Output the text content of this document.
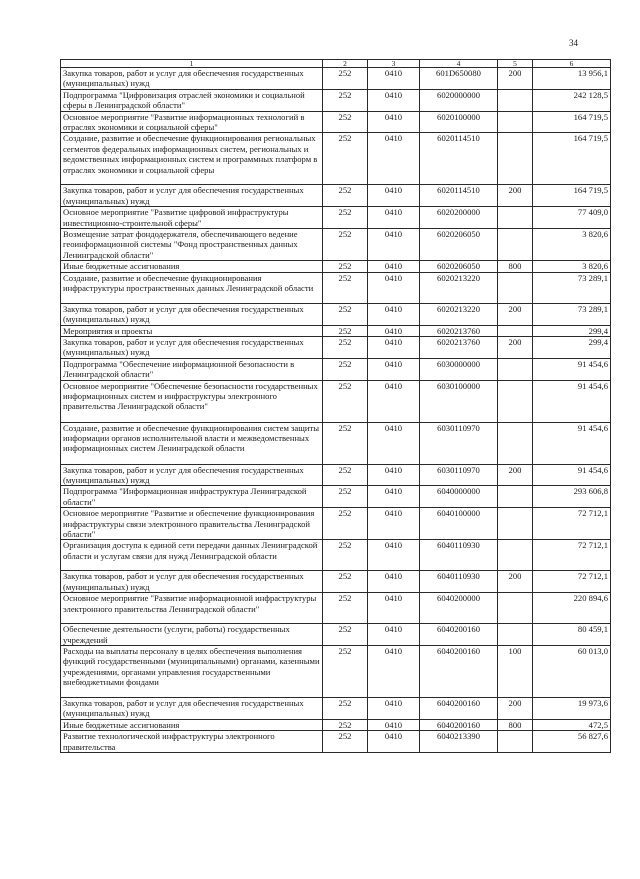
34
1	2	3	4	5	6
Закупка товаров, работ и услуг для обеспечения государственных (муниципальных) нужд	252	0410	601D650080	200	13 956,1
Подпрограмма "Цифровизация отраслей экономики и социальной сферы в Ленинградской области"	252	0410	6020000000		242 128,5
Основное мероприятие "Развитие информационных технологий в отраслях экономики и социальной сферы"	252	0410	6020100000		164 719,5
Создание, развитие и обеспечение функционирования региональных сегментов федеральных информационных систем, региональных и ведомственных информационных систем и программных платформ в отраслях экономики и социальной сферы	252	0410	6020114510		164 719,5
Закупка товаров, работ и услуг для обеспечения государственных (муниципальных) нужд	252	0410	6020114510	200	164 719,5
Основное мероприятие "Развитие цифровой инфраструктуры инвестиционно-строительной сферы"	252	0410	6020200000		77 409,0
Возмещение затрат фондодержателя, обеспечивающего ведение геоинформационной системы "Фонд пространственных данных Ленинградской области"	252	0410	6020206050		3 820,6
Иные бюджетные ассигнования	252	0410	6020206050	800	3 820,6
Создание, развитие и обеспечение функционирования инфраструктуры пространственных данных Ленинградской области	252	0410	6020213220		73 289,1
Закупка товаров, работ и услуг для обеспечения государственных (муниципальных) нужд	252	0410	6020213220	200	73 289,1
Мероприятия и проекты	252	0410	6020213760		299,4
Закупка товаров, работ и услуг для обеспечения государственных (муниципальных) нужд	252	0410	6020213760	200	299,4
Подпрограмма "Обеспечение информационной безопасности в Ленинградской области"	252	0410	6030000000		91 454,6
Основное мероприятие "Обеспечение безопасности государственных информационных систем и инфраструктуры электронного правительства Ленинградской области"	252	0410	6030100000		91 454,6
Создание, развитие и обеспечение функционирования систем защиты информации органов исполнительной власти и межведомственных информационных систем Ленинградской области	252	0410	6030110970		91 454,6
Закупка товаров, работ и услуг для обеспечения государственных (муниципальных) нужд	252	0410	6030110970	200	91 454,6
Подпрограмма "Информационная инфраструктура Ленинградской области"	252	0410	6040000000		293 606,8
Основное мероприятие "Развитие и обеспечение функционирования инфраструктуры связи электронного правительства Ленинградской области"	252	0410	6040100000		72 712,1
Организация доступа к единой сети передачи данных Ленинградской области и услугам связи для нужд Ленинградской области	252	0410	6040110930		72 712,1
Закупка товаров, работ и услуг для обеспечения государственных (муниципальных) нужд	252	0410	6040110930	200	72 712,1
Основное мероприятие "Развитие информационной инфраструктуры электронного правительства Ленинградской области"	252	0410	6040200000		220 894,6
Обеспечение деятельности (услуги, работы) государственных учреждений	252	0410	6040200160		80 459,1
Расходы на выплаты персоналу в целях обеспечения выполнения функций государственными (муниципальными) органами, казенными учреждениями, органами управления государственными внебюджетными фондами	252	0410	6040200160	100	60 013,0
Закупка товаров, работ и услуг для обеспечения государственных (муниципальных) нужд	252	0410	6040200160	200	19 973,6
Иные бюджетные ассигнования	252	0410	6040200160	800	472,5
Развитие технологической инфраструктуры электронного правительства	252	0410	6040213390		56 827,6
